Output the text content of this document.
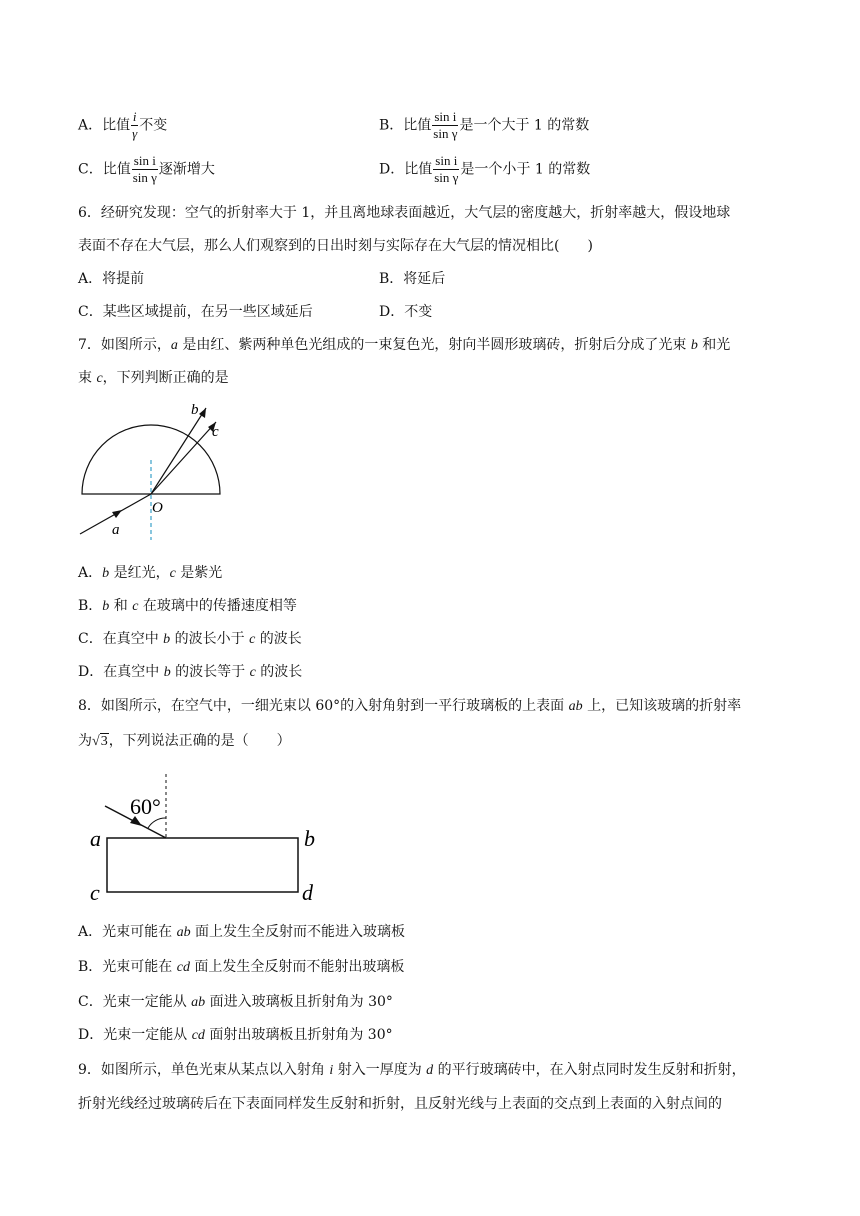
A．比值 $\frac{i}{\gamma}$ 不变	B．比值 $\frac{\text{sin i}}{\text{sin γ}}$ 是一个大于 1 的常数
C．比值 $\frac{\text{sin i}}{\text{sin γ}}$ 逐渐增大	D．比值 $\frac{\text{sin i}}{\text{sin γ}}$ 是一个小于 1 的常数
6．经研究发现：空气的折射率大于 1，并且离地球表面越近，大气层的密度越大，折射率越大，假设地球
表面不存在大气层，那么人们观察到的日出时刻与实际存在大气层的情况相比(　　)
A．将提前	B．将延后
C．某些区域提前，在另一些区域延后	D．不变
7．如图所示，a 是由红、紫两种单色光组成的一束复色光，射向半圆形玻璃砖，折射后分成了光束 b 和光
束 c，下列判断正确的是
b
c
O
a
A．b 是红光，c 是紫光
B．b 和 c 在玻璃中的传播速度相等
C．在真空中 b 的波长小于 c 的波长
D．在真空中 b 的波长等于 c 的波长
8．如图所示，在空气中，一细光束以 60°的入射角射到一平行玻璃板的上表面 ab 上，已知该玻璃的折射率
为√3，下列说法正确的是（　　）
60°
a	b
c	d
A．光束可能在 ab 面上发生全反射而不能进入玻璃板
B．光束可能在 cd 面上发生全反射而不能射出玻璃板
C．光束一定能从 ab 面进入玻璃板且折射角为 30°
D．光束一定能从 cd 面射出玻璃板且折射角为 30°
9．如图所示，单色光束从某点以入射角 i 射入一厚度为 d 的平行玻璃砖中，在入射点同时发生反射和折射，
折射光线经过玻璃砖后在下表面同样发生反射和折射，且反射光线与上表面的交点到上表面的入射点间的
